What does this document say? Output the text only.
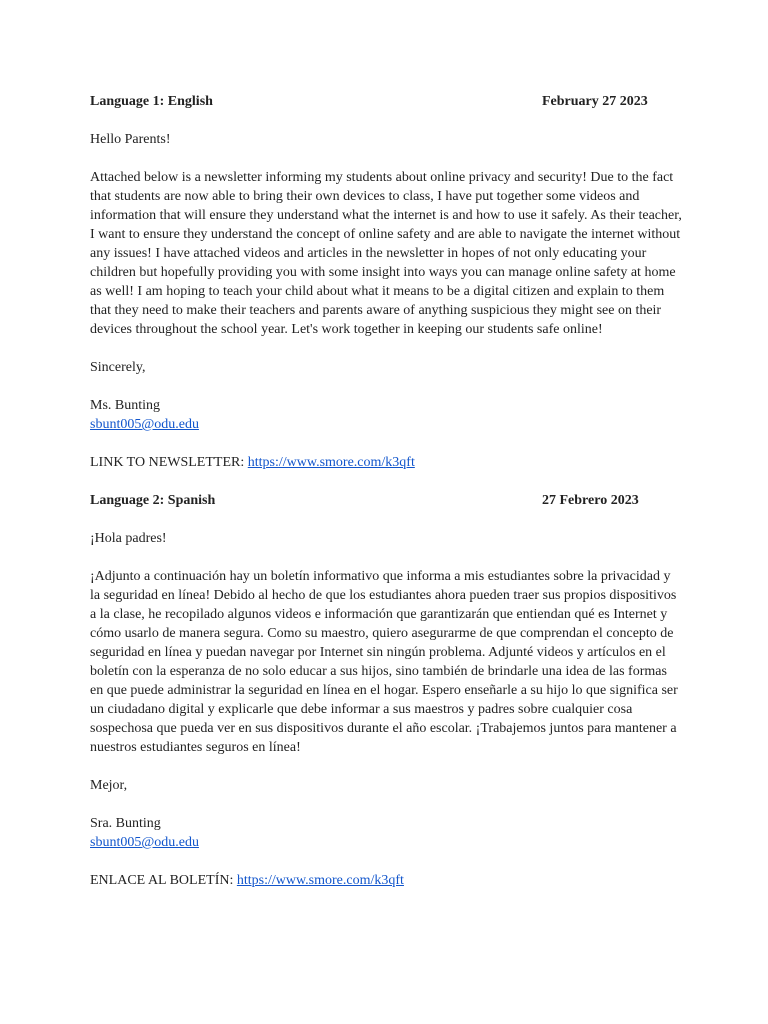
Language 1: English	February 27 2023

Hello Parents!

Attached below is a newsletter informing my students about online privacy and security! Due to the fact that students are now able to bring their own devices to class, I have put together some videos and information that will ensure they understand what the internet is and how to use it safely. As their teacher, I want to ensure they understand the concept of online safety and are able to navigate the internet without any issues! I have attached videos and articles in the newsletter in hopes of not only educating your children but hopefully providing you with some insight into ways you can manage online safety at home as well! I am hoping to teach your child about what it means to be a digital citizen and explain to them that they need to make their teachers and parents aware of anything suspicious they might see on their devices throughout the school year. Let's work together in keeping our students safe online!

Sincerely,

Ms. Bunting

sbunt005@odu.edu

LINK TO NEWSLETTER: https://www.smore.com/k3qft

Language 2: Spanish	27 Febrero 2023

¡Hola padres!

¡Adjunto a continuación hay un boletín informativo que informa a mis estudiantes sobre la privacidad y la seguridad en línea! Debido al hecho de que los estudiantes ahora pueden traer sus propios dispositivos a la clase, he recopilado algunos videos e información que garantizarán que entiendan qué es Internet y cómo usarlo de manera segura. Como su maestro, quiero asegurarme de que comprendan el concepto de seguridad en línea y puedan navegar por Internet sin ningún problema. Adjunté videos y artículos en el boletín con la esperanza de no solo educar a sus hijos, sino también de brindarle una idea de las formas en que puede administrar la seguridad en línea en el hogar. Espero enseñarle a su hijo lo que significa ser un ciudadano digital y explicarle que debe informar a sus maestros y padres sobre cualquier cosa sospechosa que pueda ver en sus dispositivos durante el año escolar. ¡Trabajemos juntos para mantener a nuestros estudiantes seguros en línea!

Mejor,

Sra. Bunting

sbunt005@odu.edu

ENLACE AL BOLETÍN: https://www.smore.com/k3qft
